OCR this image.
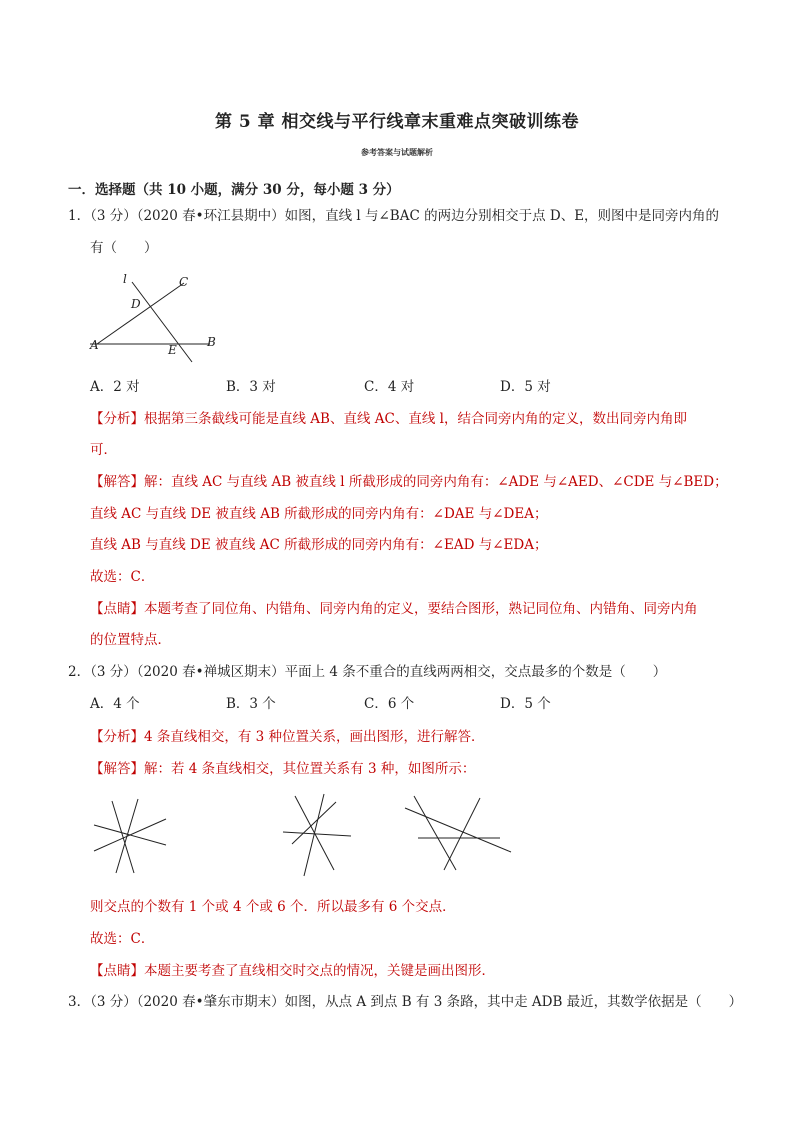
第 5 章 相交线与平行线章末重难点突破训练卷
参考答案与试题解析
一．选择题（共 10 小题，满分 30 分，每小题 3 分）
1．（3 分）（2020 春•环江县期中）如图，直线 l 与∠BAC 的两边分别相交于点 D、E，则图中是同旁内角的
有（　　）
l	C
D
A	E
B
A．2 对	B．3 对	C．4 对	D．5 对
【分析】根据第三条截线可能是直线 AB、直线 AC、直线 l，结合同旁内角的定义，数出同旁内角即
可．
【解答】解：直线 AC 与直线 AB 被直线 l 所截形成的同旁内角有：∠ADE 与∠AED、∠CDE 与∠BED；
直线 AC 与直线 DE 被直线 AB 所截形成的同旁内角有：∠DAE 与∠DEA；
直线 AB 与直线 DE 被直线 AC 所截形成的同旁内角有：∠EAD 与∠EDA；
故选：C．
【点睛】本题考查了同位角、内错角、同旁内角的定义，要结合图形，熟记同位角、内错角、同旁内角
的位置特点．
2．（3 分）（2020 春•禅城区期末）平面上 4 条不重合的直线两两相交，交点最多的个数是（　　）
A．4 个	B．3 个	C．6 个	D．5 个
【分析】4 条直线相交，有 3 种位置关系，画出图形，进行解答．
【解答】解：若 4 条直线相交，其位置关系有 3 种，如图所示：
则交点的个数有 1 个或 4 个或 6 个．所以最多有 6 个交点．
故选：C．
【点睛】本题主要考查了直线相交时交点的情况，关键是画出图形．
3．（3 分）（2020 春•肇东市期末）如图，从点 A 到点 B 有 3 条路，其中走 ADB 最近，其数学依据是（　　）
